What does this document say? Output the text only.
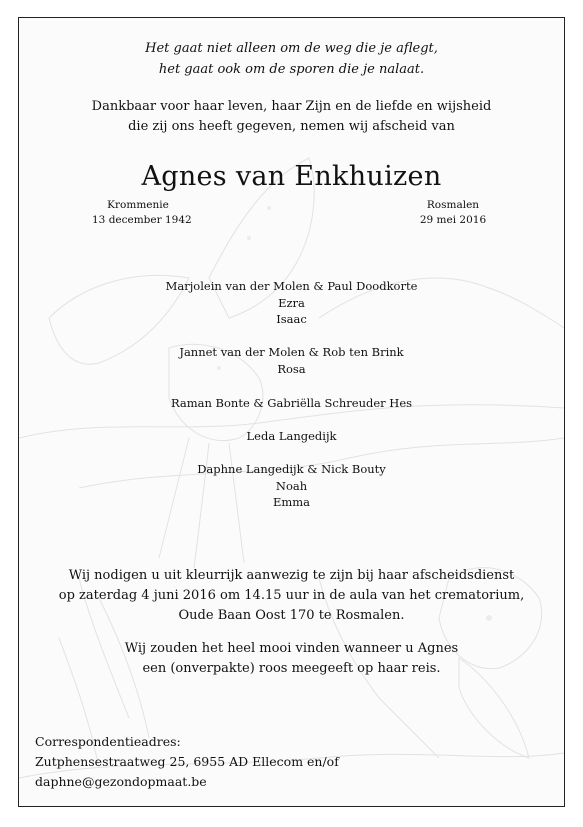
Het gaat niet alleen om de weg die je aflegt,
het gaat ook om de sporen die je nalaat.
Dankbaar voor haar leven, haar Zijn en de liefde en wijsheid
die zij ons heeft gegeven, nemen wij afscheid van
Agnes van Enkhuizen
Krommenie
13 december 1942
Rosmalen
29 mei 2016
Marjolein van der Molen & Paul Doodkorte
Ezra
Isaac
Jannet van der Molen & Rob ten Brink
Rosa
Raman Bonte & Gabriëlla Schreuder Hes
Leda Langedijk
Daphne Langedijk & Nick Bouty
Noah
Emma
Wij nodigen u uit kleurrijk aanwezig te zijn bij haar afscheidsdienst
op zaterdag 4 juni 2016 om 14.15 uur in de aula van het crematorium,
Oude Baan Oost 170 te Rosmalen.
Wij zouden het heel mooi vinden wanneer u Agnes
een (onverpakte) roos meegeeft op haar reis.
Correspondentieadres:
Zutphensestraatweg 25, 6955 AD Ellecom en/of
daphne@gezondopmaat.be
